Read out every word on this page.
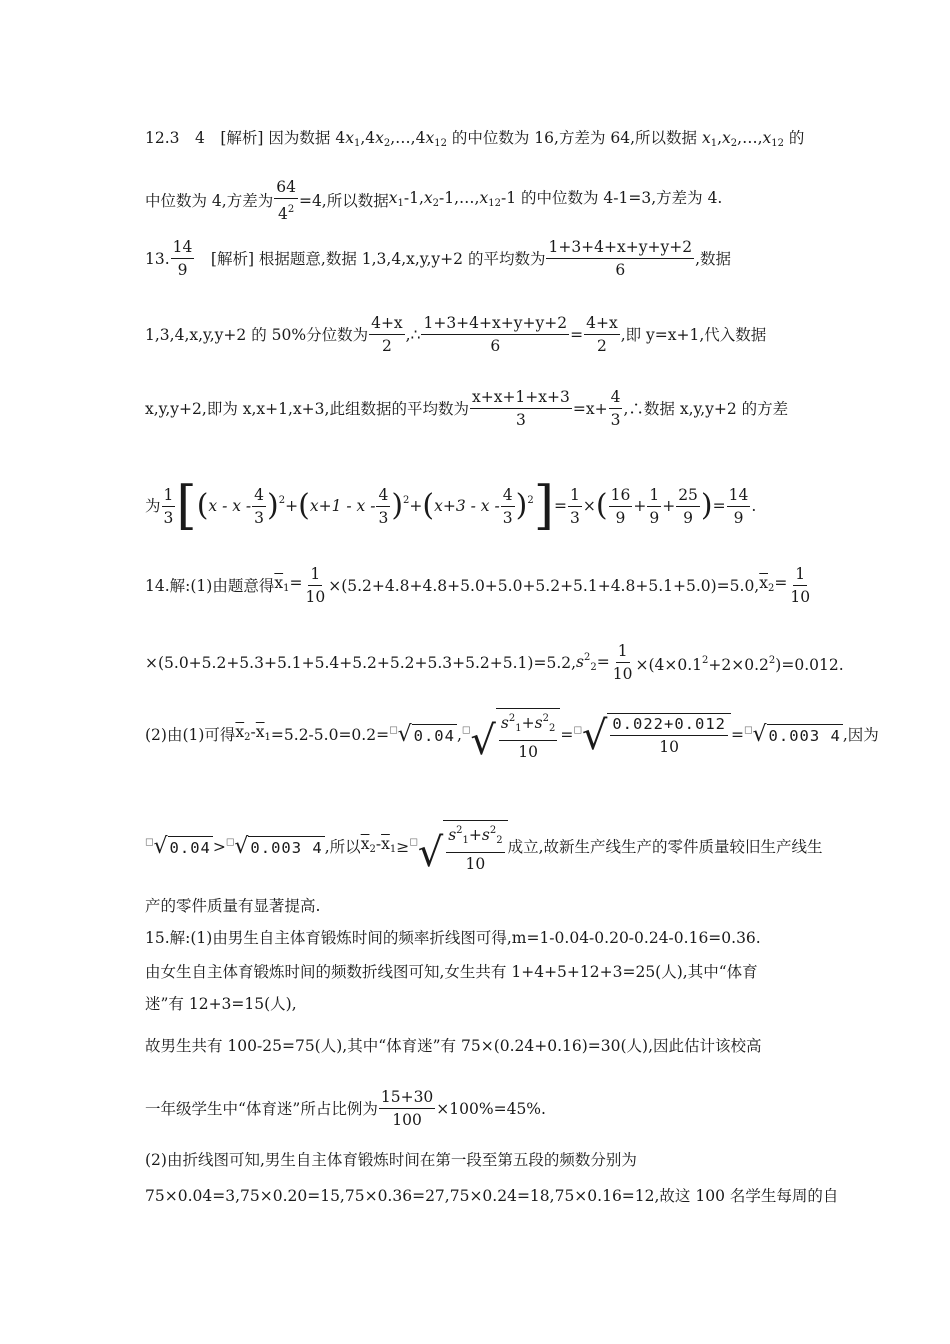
12.3　4　[解析] 因为数据 $4x_1,4x_2,\dots,4x_{12}$ 的中位数为 16,方差为 64,所以数据 $x_1,x_2,\dots,x_{12}$ 的
中位数为 4,方差为 $\frac{64}{4^2} =4$,所以数据$x_1-1,x_2-1,\dots,x_{12}-1$ 的中位数为 4-1=3,方差为 4.
13. $\frac{14}{9}$ 　[解析] 根据题意,数据 1,3,4,x,y,y+2 的平均数为 $\frac{1+3+4+x+y+y+2}{6}$ ,数据
1,3,4,x,y,y+2 的 50%分位数为 $\frac{4+x}{2}$ ,∴ $\frac{1+3+4+x+y+y+2}{6} = \frac{4+x}{2}$ ,即 y=x+1,代入数据
x,y,y+2,即为 x,x+1,x+3,此组数据的平均数为 $\frac{x+x+1+x+3}{3} =x+ \frac{4}{3}$ ,∴数据 x,y,y+2 的方差
为 $\frac{1}{3} [(x - x - \frac{4}{3} )^2+(x+1 - x - \frac{4}{3} )^2+(x+3 - x - \frac{4}{3} )^2]= \frac{1}{3}$ ×( $\frac{16}{9} + \frac{1}{9} + \frac{25}{9}$ )= $\frac{14}{9}$ .
14.解:(1)由题意得$\overline{x}_1= \frac{1}{10} \times(5.2+4.8+4.8+5.0+5.0+5.2+5.1+4.8+5.1+5.0)=5.0,\overline{x}_2= \frac{1}{10}$
$\times(5.0+5.2+5.3+5.1+5.4+5.2+5.2+5.3+5.2+5.1)=5.2,s^2_2= \frac{1}{10} \times(4\times 0.1^2+2\times 0.2^2)=0.012$.
(2)由(1)可得$\overline{x}_2-\overline{x}_1=5.2-5.0=0.2=^□$ √ 0.04 ,□ √ $\frac{s^2_1+s^2_2}{10} =^□$ √ $\frac{0.022+0.012}{10} =^□$ √ 0.003 4 ,因为
□ √ 0.04 >□ √ 0.003 4 ,所以$\overline{x}_2-\overline{x}_1\ge^□$ √ $\frac{s^2_1+s^2_2}{10}$ 成立,故新生产线生产的零件质量较旧生产线生
产的零件质量有显著提高.
15.解:(1)由男生自主体育锻炼时间的频率折线图可得,m=1-0.04-0.20-0.24-0.16=0.36.
由女生自主体育锻炼时间的频数折线图可知,女生共有 1+4+5+12+3=25(人),其中“体育
迷”有 12+3=15(人),
故男生共有 100-25=75(人),其中“体育迷”有 75×(0.24+0.16)=30(人),因此估计该校高
一年级学生中“体育迷”所占比例为 $\frac{15+30}{100} \times 100\%=45\%$.
(2)由折线图可知,男生自主体育锻炼时间在第一段至第五段的频数分别为
75×0.04=3,75×0.20=15,75×0.36=27,75×0.24=18,75×0.16=12,故这 100 名学生每周的自
